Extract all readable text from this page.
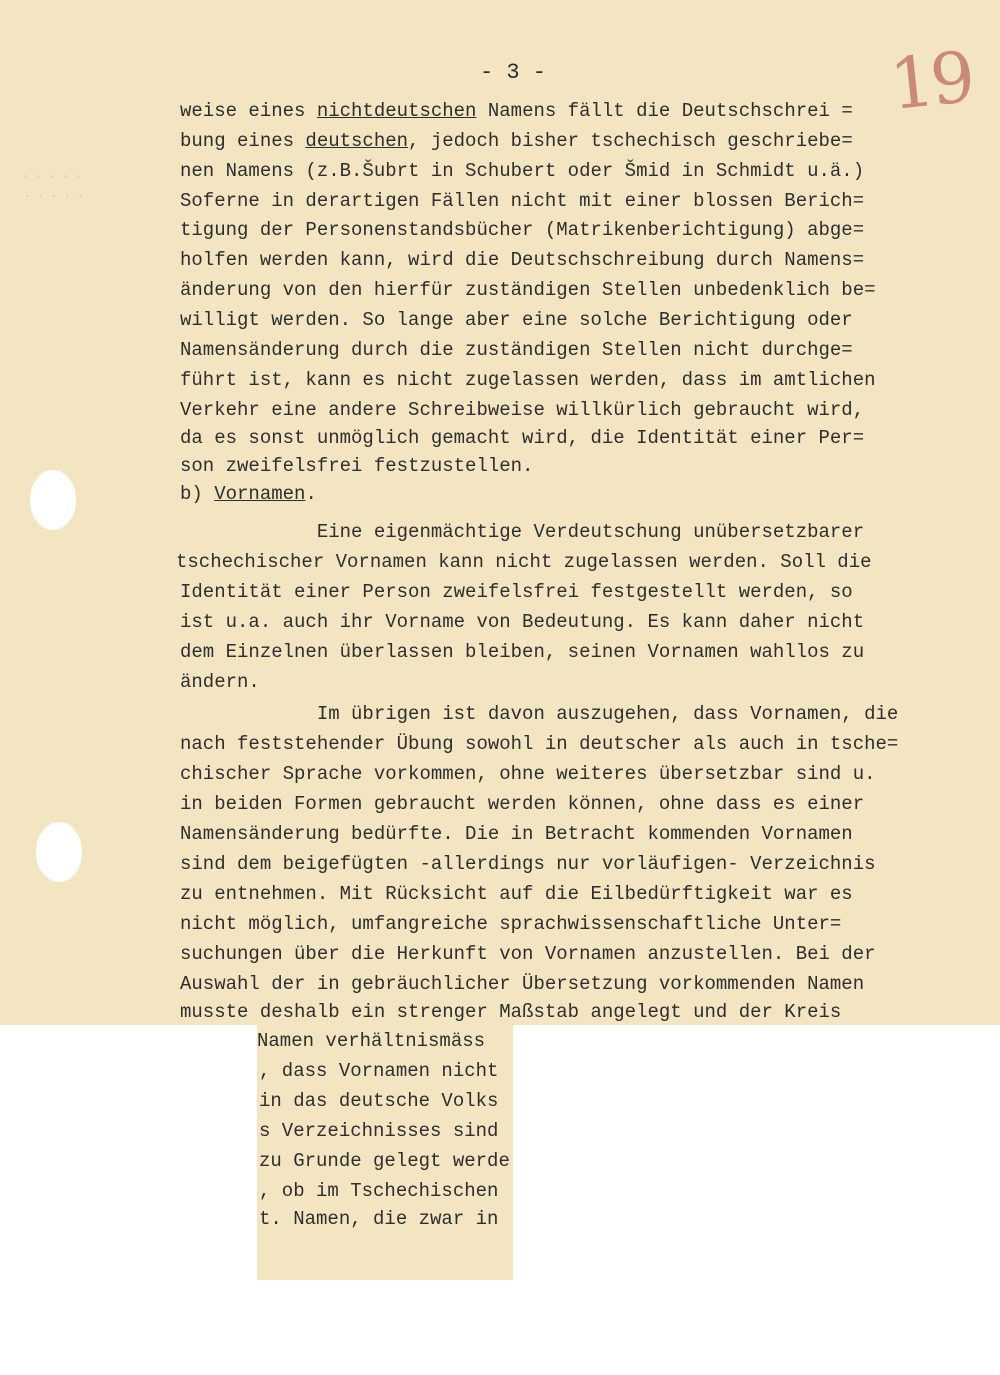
· · · · ·
· · · · ·
- 3 -	19
weise eines nichtdeutschen Namens fällt die Deutschschrei =
bung eines deutschen, jedoch bisher tschechisch geschriebe=
nen Namens (z.B.Šubrt in Schubert oder Šmid in Schmidt u.ä.)
Soferne in derartigen Fällen nicht mit einer blossen Berich=
tigung der Personenstandsbücher (Matrikenberichtigung) abge=
holfen werden kann, wird die Deutschschreibung durch Namens=
änderung von den hierfür zuständigen Stellen unbedenklich be=
willigt werden. So lange aber eine solche Berichtigung oder
Namensänderung durch die zuständigen Stellen nicht durchge=
führt ist, kann es nicht zugelassen werden, dass im amtlichen
Verkehr eine andere Schreibweise willkürlich gebraucht wird,
da es sonst unmöglich gemacht wird, die Identität einer Per=
son zweifelsfrei festzustellen.
b) Vornamen.
Eine eigenmächtige Verdeutschung unübersetzbarer
tschechischer Vornamen kann nicht zugelassen werden. Soll die
Identität einer Person zweifelsfrei festgestellt werden, so
ist u.a. auch ihr Vorname von Bedeutung. Es kann daher nicht
dem Einzelnen überlassen bleiben, seinen Vornamen wahllos zu
ändern.
Im übrigen ist davon auszugehen, dass Vornamen, die
nach feststehender Übung sowohl in deutscher als auch in tsche=
chischer Sprache vorkommen, ohne weiteres übersetzbar sind u.
in beiden Formen gebraucht werden können, ohne dass es einer
Namensänderung bedürfte. Die in Betracht kommenden Vornamen
sind dem beigefügten -allerdings nur vorläufigen- Verzeichnis
zu entnehmen. Mit Rücksicht auf die Eilbedürftigkeit war es
nicht möglich, umfangreiche sprachwissenschaftliche Unter=
suchungen über die Herkunft von Vornamen anzustellen. Bei der
Auswahl der in gebräuchlicher Übersetzung vorkommenden Namen
musste deshalb ein strenger Maßstab angelegt und der Kreis
Namen verhältnismäss
, dass Vornamen nicht
in das deutsche Volks
s Verzeichnisses sind
zu Grunde gelegt werde
, ob im Tschechischen
t. Namen, die zwar in
